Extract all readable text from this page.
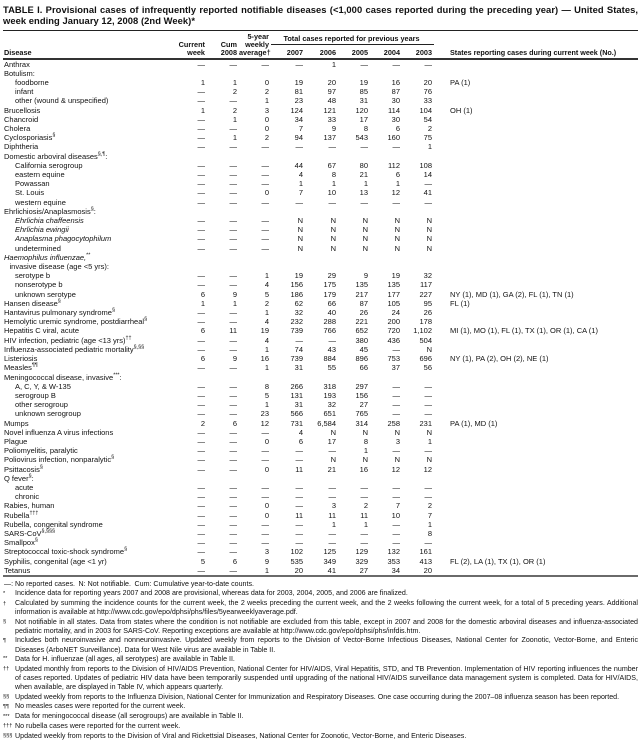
TABLE I. Provisional cases of infrequently reported notifiable diseases (<1,000 cases reported during the preceding year) — United States, week ending January 12, 2008 (2nd Week)*
Disease	Current week	Cum 2008	5-year weekly average†	Total cases reported for previous years					States reporting cases during current week (No.)
				2007	2006	2005	2004	2003	
Anthrax	—	—	—	—	1	—	—	—	
Botulism:									
foodborne	1	1	0	19	20	19	16	20	PA (1)
infant	—	2	2	81	97	85	87	76	
other (wound & unspecified)	—	—	1	23	48	31	30	33	
Brucellosis	1	2	3	124	121	120	114	104	OH (1)
Chancroid	—	1	0	34	33	17	30	54	
Cholera	—	—	0	7	9	8	6	2	
Cyclosporiasis§	—	1	2	94	137	543	160	75	
Diphtheria	—	—	—	—	—	—	—	1	
Domestic arboviral diseases§,¶:									
California serogroup	—	—	—	44	67	80	112	108	
eastern equine	—	—	—	4	8	21	6	14	
Powassan	—	—	—	1	1	1	1	—	
St. Louis	—	—	0	7	10	13	12	41	
western equine	—	—	—	—	—	—	—	—	
Ehrlichiosis/Anaplasmosis§:									
Ehrlichia chaffeensis	—	—	—	N	N	N	N	N	
Ehrlichia ewingii	—	—	—	N	N	N	N	N	
Anaplasma phagocytophilum	—	—	—	N	N	N	N	N	
undetermined	—	—	—	N	N	N	N	N	
Haemophilus influenzae,**									
invasive disease (age <5 yrs):									
serotype b	—	—	1	19	29	9	19	32	
nonserotype b	—	—	4	156	175	135	135	117	
unknown serotype	6	9	5	186	179	217	177	227	NY (1), MD (1), GA (2), FL (1), TN (1)
Hansen disease§	1	1	2	62	66	87	105	95	FL (1)
Hantavirus pulmonary syndrome§	—	—	1	32	40	26	24	26	
Hemolytic uremic syndrome, postdiarrheal§	—	—	4	232	288	221	200	178	
Hepatitis C viral, acute	6	11	19	739	766	652	720	1,102	MI (1), MO (1), FL (1), TX (1), OR (1), CA (1)
HIV infection, pediatric (age <13 yrs)††	—	—	4	—	—	380	436	504	
Influenza-associated pediatric mortality§,§§	—	—	1	74	43	45	—	N	
Listeriosis	6	9	16	739	884	896	753	696	NY (1), PA (2), OH (2), NE (1)
Measles¶¶	—	—	1	31	55	66	37	56	
Meningococcal disease, invasive***:									
A, C, Y, & W-135	—	—	8	266	318	297	—	—	
serogroup B	—	—	5	131	193	156	—	—	
other serogroup	—	—	1	31	32	27	—	—	
unknown serogroup	—	—	23	566	651	765	—	—	
Mumps	2	6	12	731	6,584	314	258	231	PA (1), MD (1)
Novel influenza A virus infections	—	—	—	4	N	N	N	N	
Plague	—	—	0	6	17	8	3	1	
Poliomyelitis, paralytic	—	—	—	—	—	1	—	—	
Poliovirus infection, nonparalytic§	—	—	—	—	N	N	N	N	
Psittacosis§	—	—	0	11	21	16	12	12	
Q fever§:									
acute	—	—	—	—	—	—	—	—	
chronic	—	—	—	—	—	—	—	—	
Rabies, human	—	—	0	—	3	2	7	2	
Rubella†††	—	—	0	11	11	11	10	7	
Rubella, congenital syndrome	—	—	—	—	1	1	—	1	
SARS-CoV§,§§§	—	—	—	—	—	—	—	8	
Smallpox§	—	—	—	—	—	—	—	—	
Streptococcal toxic-shock syndrome§	—	—	3	102	125	129	132	161	
Syphilis, congenital (age <1 yr)	5	6	9	535	349	329	353	413	FL (2), LA (1), TX (1), OR (1)
Tetanus	—	—	1	20	41	27	34	20	
—: No reported cases. N: Not notifiable. Cum: Cumulative year-to-date counts.
*	Incidence data for reporting years 2007 and 2008 are provisional, whereas data for 2003, 2004, 2005, and 2006 are finalized.
†	Calculated by summing the incidence counts for the current week, the 2 weeks preceding the current week, and the 2 weeks following the current week, for a total of 5 preceding years. Additional information is available at http://www.cdc.gov/epo/dphsi/phs/files/5yearweeklyaverage.pdf.
§	Not notifiable in all states. Data from states where the condition is not notifiable are excluded from this table, except in 2007 and 2008 for the domestic arboviral diseases and influenza-associated pediatric mortality, and in 2003 for SARS-CoV. Reporting exceptions are available at http://www.cdc.gov/epo/dphsi/phs/infdis.htm.
¶	Includes both neuroinvasive and nonneuroinvasive. Updated weekly from reports to the Division of Vector-Borne Infectious Diseases, National Center for Zoonotic, Vector-Borne, and Enteric Diseases (ArboNET Surveillance). Data for West Nile virus are available in Table II.
**	Data for H. influenzae (all ages, all serotypes) are available in Table II.
†† Updated monthly from reports to the Division of HIV/AIDS Prevention, National Center for HIV/AIDS, Viral Hepatitis, STD, and TB Prevention. Implementation of HIV reporting influences the number of cases reported. Updates of pediatric HIV data have been temporarily suspended until upgrading of the national HIV/AIDS surveillance data management system is completed. Data for HIV/AIDS, when available, are displayed in Table IV, which appears quarterly.
§§ Updated weekly from reports to the Influenza Division, National Center for Immunization and Respiratory Diseases. One case occurring during the 2007–08 influenza season has been reported.
¶¶ No measles cases were reported for the current week.
*** Data for meningococcal disease (all serogroups) are available in Table II.
††† No rubella cases were reported for the current week.
§§§ Updated weekly from reports to the Division of Viral and Rickettsial Diseases, National Center for Zoonotic, Vector-Borne, and Enteric Diseases.
